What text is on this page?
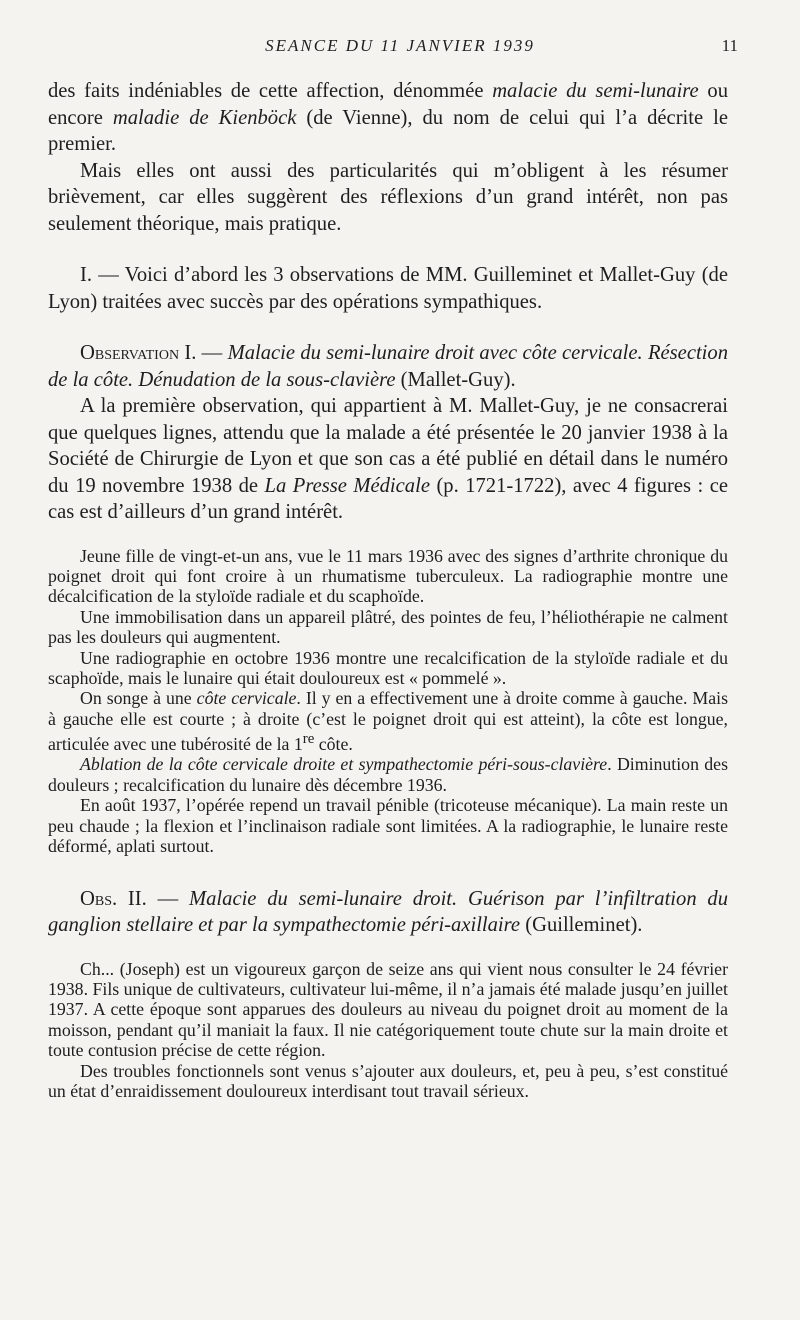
SEANCE DU 11 JANVIER 1939	11

des faits indéniables de cette affection, dénommée malacie du semi-lunaire ou encore maladie de Kienböck (de Vienne), du nom de celui qui l’a décrite le premier.

Mais elles ont aussi des particularités qui m’obligent à les résumer brièvement, car elles suggèrent des réflexions d’un grand intérêt, non pas seulement théorique, mais pratique.

I. — Voici d’abord les 3 observations de MM. Guilleminet et Mallet-Guy (de Lyon) traitées avec succès par des opérations sympathiques.

Observation I. — Malacie du semi-lunaire droit avec côte cervicale. Résection de la côte. Dénudation de la sous-clavière (Mallet-Guy).

A la première observation, qui appartient à M. Mallet-Guy, je ne consacrerai que quelques lignes, attendu que la malade a été présentée le 20 janvier 1938 à la Société de Chirurgie de Lyon et que son cas a été publié en détail dans le numéro du 19 novembre 1938 de La Presse Médicale (p. 1721-1722), avec 4 figures : ce cas est d’ailleurs d’un grand intérêt.

Jeune fille de vingt-et-un ans, vue le 11 mars 1936 avec des signes d’arthrite chronique du poignet droit qui font croire à un rhumatisme tuberculeux. La radiographie montre une décalcification de la styloïde radiale et du scaphoïde.

Une immobilisation dans un appareil plâtré, des pointes de feu, l’héliothérapie ne calment pas les douleurs qui augmentent.

Une radiographie en octobre 1936 montre une recalcification de la styloïde radiale et du scaphoïde, mais le lunaire qui était douloureux est « pommelé ».

On songe à une côte cervicale. Il y en a effectivement une à droite comme à gauche. Mais à gauche elle est courte ; à droite (c’est le poignet droit qui est atteint), la côte est longue, articulée avec une tubérosité de la 1re côte.

Ablation de la côte cervicale droite et sympathectomie péri-sous-clavière. Diminution des douleurs ; recalcification du lunaire dès décembre 1936.

En août 1937, l’opérée repend un travail pénible (tricoteuse mécanique). La main reste un peu chaude ; la flexion et l’inclinaison radiale sont limitées. A la radiographie, le lunaire reste déformé, aplati surtout.

Obs. II. — Malacie du semi-lunaire droit. Guérison par l’infiltration du ganglion stellaire et par la sympathectomie péri-axillaire (Guilleminet).

Ch... (Joseph) est un vigoureux garçon de seize ans qui vient nous consulter le 24 février 1938. Fils unique de cultivateurs, cultivateur lui-même, il n’a jamais été malade jusqu’en juillet 1937. A cette époque sont apparues des douleurs au niveau du poignet droit au moment de la moisson, pendant qu’il maniait la faux. Il nie catégoriquement toute chute sur la main droite et toute contusion précise de cette région.

Des troubles fonctionnels sont venus s’ajouter aux douleurs, et, peu à peu, s’est constitué un état d’enraidissement douloureux interdisant tout travail sérieux.
